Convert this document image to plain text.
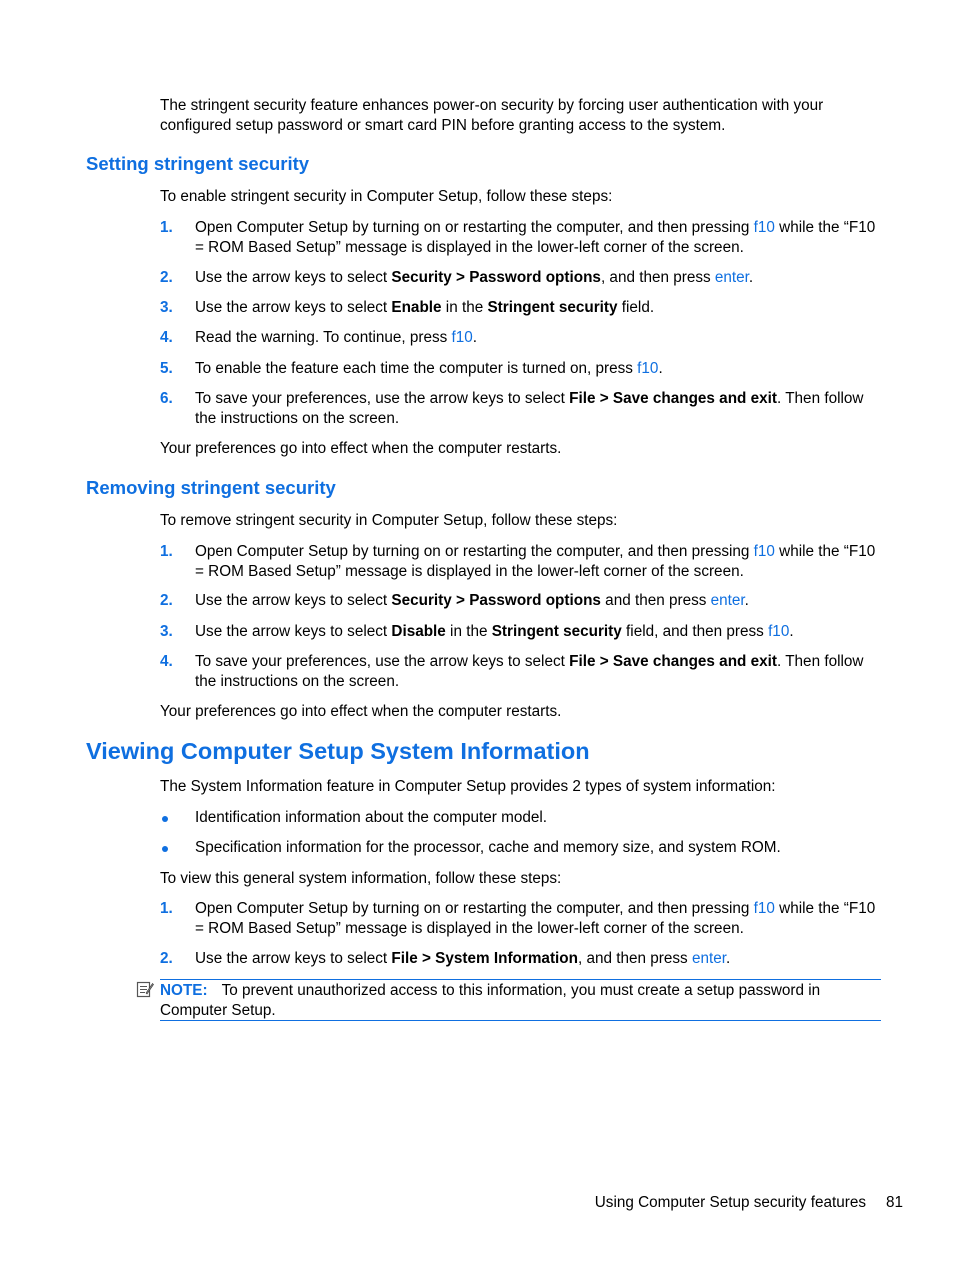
The stringent security feature enhances power-on security by forcing user authentication with your configured setup password or smart card PIN before granting access to the system.

Setting stringent security

To enable stringent security in Computer Setup, follow these steps:

1. Open Computer Setup by turning on or restarting the computer, and then pressing f10 while the “F10 = ROM Based Setup” message is displayed in the lower-left corner of the screen.
2. Use the arrow keys to select Security > Password options, and then press enter.
3. Use the arrow keys to select Enable in the Stringent security field.
4. Read the warning. To continue, press f10.
5. To enable the feature each time the computer is turned on, press f10.
6. To save your preferences, use the arrow keys to select File > Save changes and exit. Then follow the instructions on the screen.

Your preferences go into effect when the computer restarts.

Removing stringent security

To remove stringent security in Computer Setup, follow these steps:

1. Open Computer Setup by turning on or restarting the computer, and then pressing f10 while the “F10 = ROM Based Setup” message is displayed in the lower-left corner of the screen.
2. Use the arrow keys to select Security > Password options and then press enter.
3. Use the arrow keys to select Disable in the Stringent security field, and then press f10.
4. To save your preferences, use the arrow keys to select File > Save changes and exit. Then follow the instructions on the screen.

Your preferences go into effect when the computer restarts.

Viewing Computer Setup System Information

The System Information feature in Computer Setup provides 2 types of system information:

Identification information about the computer model.
Specification information for the processor, cache and memory size, and system ROM.

To view this general system information, follow these steps:

1. Open Computer Setup by turning on or restarting the computer, and then pressing f10 while the “F10 = ROM Based Setup” message is displayed in the lower-left corner of the screen.
2. Use the arrow keys to select File > System Information, and then press enter.
NOTE: To prevent unauthorized access to this information, you must create a setup password in Computer Setup.
Using Computer Setup security features 81
